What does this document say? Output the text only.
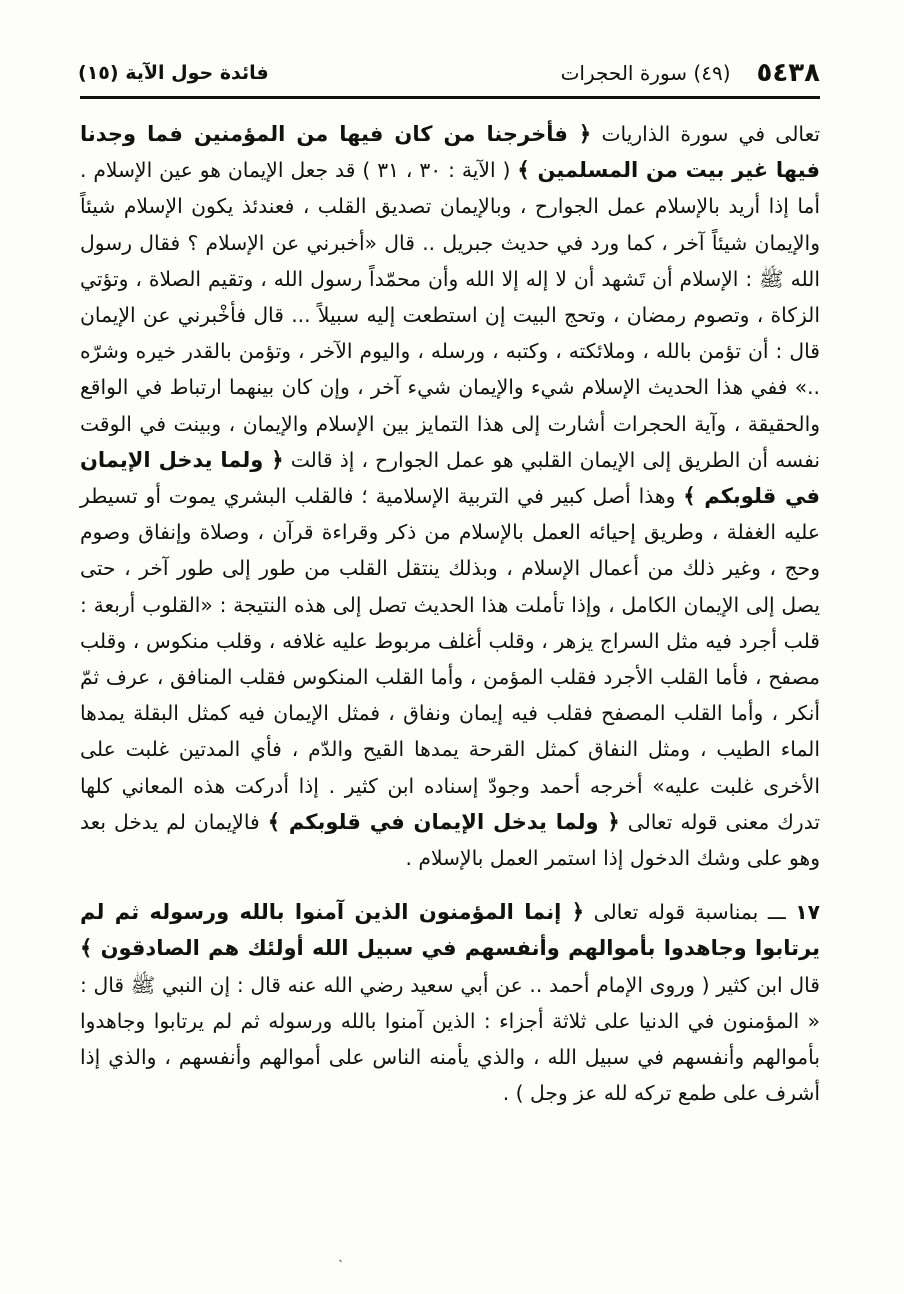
٥٤٣٨
(٤٩) سورة الحجرات
فائدة حول الآية (١٥)

تعالى في سورة الذاريات ﴿ فأخرجنا من كان فيها من المؤمنين فما وجدنا فيها غير بيت من المسلمين ﴾ ( الآية : ٣٠ ، ٣١ ) قد جعل الإيمان هو عين الإسلام . أما إذا أريد بالإسلام عمل الجوارح ، وبالإيمان تصديق القلب ، فعندئذ يكون الإسلام شيئاً والإيمان شيئاً آخر ، كما ورد في حديث جبريل .. قال «أخبرني عن الإسلام ؟ فقال رسول الله ﷺ : الإسلام أن تَشهد أن لا إله إلا الله وأن محمّداً رسول الله ، وتقيم الصلاة ، وتؤتي الزكاة ، وتصوم رمضان ، وتحج البيت إن استطعت إليه سبيلاً ... قال فأخْبرني عن الإيمان قال : أن تؤمن بالله ، وملائكته ، وكتبه ، ورسله ، واليوم الآخر ، وتؤمن بالقدر خيره وشرّه ..» ففي هذا الحديث الإسلام شيء والإيمان شيء آخر ، وإن كان بينهما ارتباط في الواقع والحقيقة ، وآية الحجرات أشارت إلى هذا التمايز بين الإسلام والإيمان ، وبينت في الوقت نفسه أن الطريق إلى الإيمان القلبي هو عمل الجوارح ، إذ قالت ﴿ ولما يدخل الإيمان في قلوبكم ﴾ وهذا أصل كبير في التربية الإسلامية ؛ فالقلب البشري يموت أو تسيطر عليه الغفلة ، وطريق إحيائه العمل بالإسلام من ذكر وقراءة قرآن ، وصلاة وإنفاق وصوم وحج ، وغير ذلك من أعمال الإسلام ، وبذلك ينتقل القلب من طور إلى طور آخر ، حتى يصل إلى الإيمان الكامل ، وإذا تأملت هذا الحديث تصل إلى هذه النتيجة : «القلوب أربعة : قلب أجرد فيه مثل السراج يزهر ، وقلب أغلف مربوط عليه غلافه ، وقلب منكوس ، وقلب مصفح ، فأما القلب الأجرد فقلب المؤمن ، وأما القلب المنكوس فقلب المنافق ، عرف ثمّ أنكر ، وأما القلب المصفح فقلب فيه إيمان ونفاق ، فمثل الإيمان فيه كمثل البقلة يمدها الماء الطيب ، ومثل النفاق كمثل القرحة يمدها القيح والدّم ، فأي المدتين غلبت على الأخرى غلبت عليه» أخرجه أحمد وجودّ إسناده ابن كثير . إذا أدركت هذه المعاني كلها تدرك معنى قوله تعالى ﴿ ولما يدخل الإيمان في قلوبكم ﴾ فالإيمان لم يدخل بعد وهو على وشك الدخول إذا استمر العمل بالإسلام .

١٧ ـــ بمناسبة قوله تعالى ﴿ إنما المؤمنون الذين آمنوا بالله ورسوله ثم لم يرتابوا وجاهدوا بأموالهم وأنفسهم في سبيل الله أولئك هم الصادقون ﴾ قال ابن كثير ( وروى الإمام أحمد .. عن أبي سعيد رضي الله عنه قال : إن النبي ﷺ قال : « المؤمنون في الدنيا على ثلاثة أجزاء : الذين آمنوا بالله ورسوله ثم لم يرتابوا وجاهدوا بأموالهم وأنفسهم في سبيل الله ، والذي يأمنه الناس على أموالهم وأنفسهم ، والذي إذا أشرف على طمع تركه لله عز وجل ) .

ˎ
